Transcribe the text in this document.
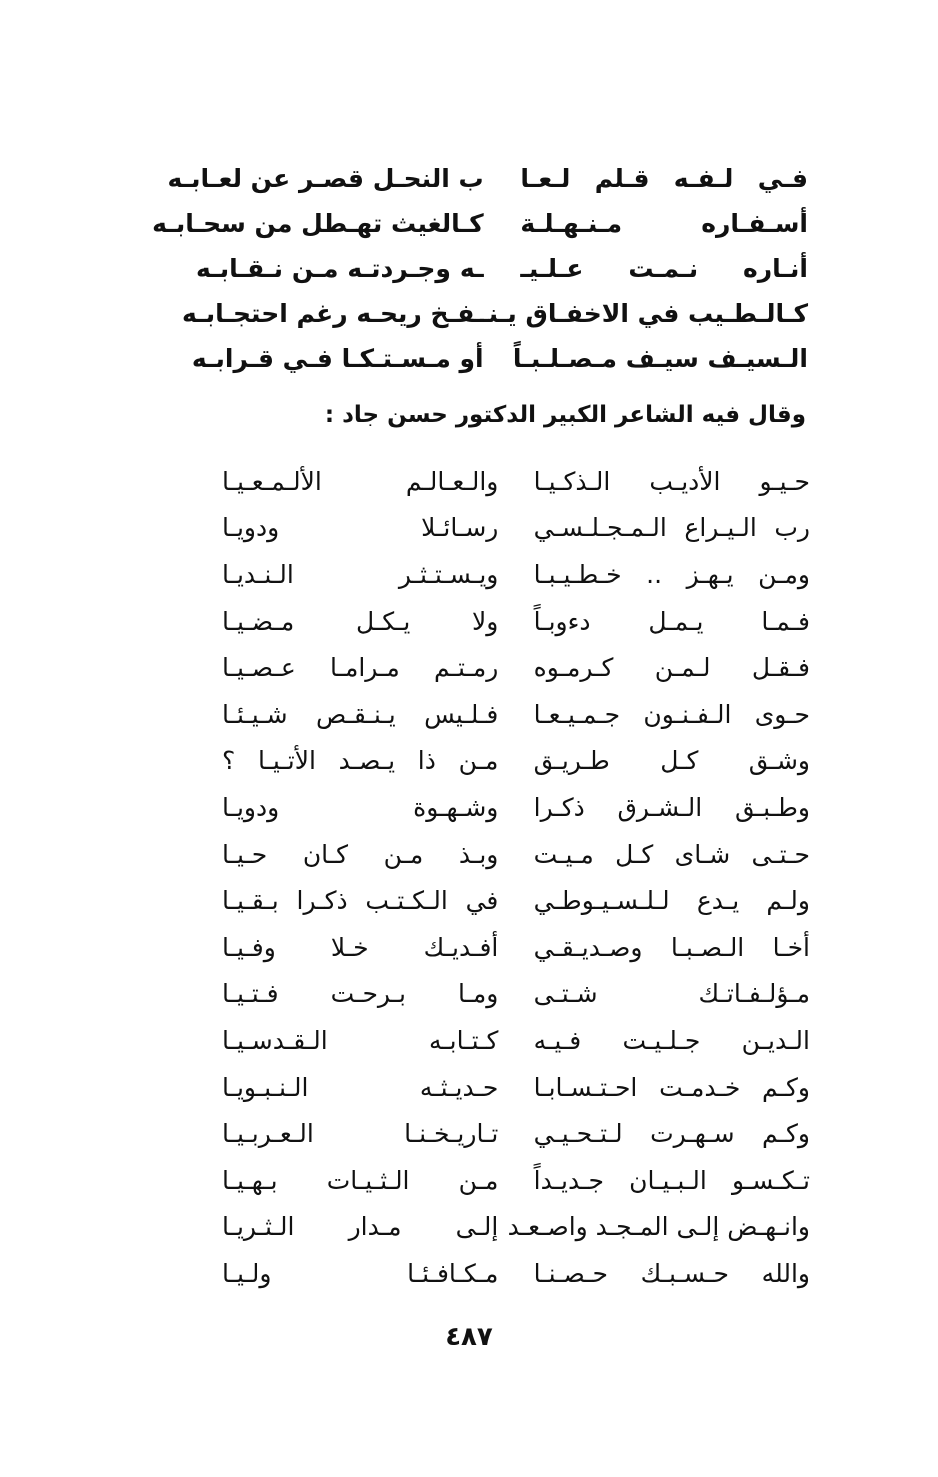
فـي لـفـه قـلم لـعـا
ب النحـل قصـر عن لعـابـه
أسـفـاره مـنـهـلـة
كـالغيث تهـطل من سحـابـه
أنـاره نـمـت عـلـيـ
ـه وجـردتـه مـن نـقـابـه
كـالـطـيب في الاخفـاق يـنـ
ـفـخ ريحـه رغم احتجـابـه
الـسيـف سيـف مـصـلـبـاً
أو مـسـتـكـا فـي قـرابـه
وقال فيه الشاعر الكبير الدكتور حسن جاد :
حـيـو الأديـب الـذكـيـا
والـعـالـم الألـمـعـيـا
رب الـيـراع الـمـجـلـسـي
رسـائـلا ودويـا
ومـن يـهـز .. خـطـيـبـا
ويـسـتـثـر الـنـديـا
فـمـا يـمـل دءوبـاً
ولا يـكـل مـضـيـا
فـقـل لـمـن كـرمـوه
رمـتـم مـرامـا عـصـيـا
حـوى الـفـنـون جـمـيـعـا
فـلـيس يـنـقـص شـيـئـا
وشـق كـل طـريـق
مـن ذا يـصـد الأتـيـا ؟
وطـبـق الـشـرق ذكـرا
وشـهـوة ودويـا
حـتـى شـاى كـل مـيـت
وبـذ مـن كـان حـيـا
ولـم يـدع لـلـسـيـوطـي
في الـكـتـب ذكـرا بـقـيـا
أخـا الـصـبـا وصـديـقـي
أفـديـك خـلا وفـيـا
مـؤلـفـاتـك شـتـى
ومـا بـرحـت فـتـيـا
الـديـن جـلـيـت فـيـه
كـتـابـه الـقـدسـيـا
وكـم خـدمـت احـتـسـابـا
حـديـثـه الـنـبـويـا
وكـم سـهـرت لـتـحـيـي
تـاريـخـنـا الـعـربـيـا
تـكـسـو الـبـيـان جـديـداً
مـن الـثـيـات بـهـيـا
وانـهـض إلـى المـجـد واصـعـد
إلـى مـدار الـثـريـا
والله حـسـبـك حـصـنـا
مـكـافـئـا ولـيـا
٤٨٧
